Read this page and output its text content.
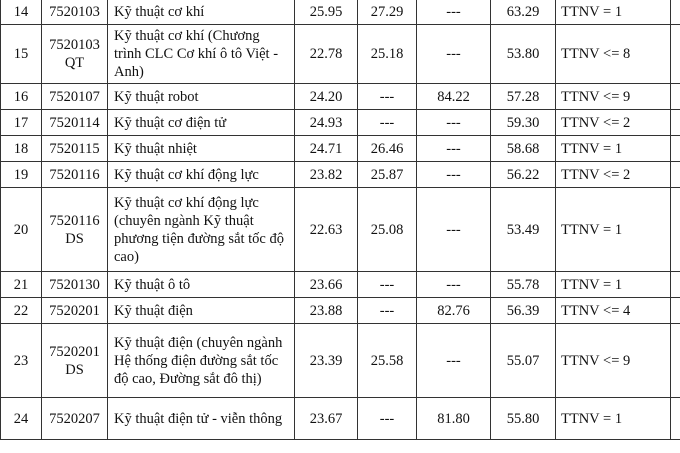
14	7520103	Kỹ thuật cơ khí	25.95	27.29	---	63.29	TTNV = 1	
15	7520103 QT	Kỹ thuật cơ khí (Chương trình CLC Cơ khí ô tô Việt - Anh)	22.78	25.18	---	53.80	TTNV <= 8	
16	7520107	Kỹ thuật robot	24.20	---	84.22	57.28	TTNV <= 9	
17	7520114	Kỹ thuật cơ điện tử	24.93	---	---	59.30	TTNV <= 2	
18	7520115	Kỹ thuật nhiệt	24.71	26.46	---	58.68	TTNV = 1	
19	7520116	Kỹ thuật cơ khí động lực	23.82	25.87	---	56.22	TTNV <= 2	
20	7520116 DS	Kỹ thuật cơ khí động lực (chuyên ngành Kỹ thuật phương tiện đường sắt tốc độ cao)	22.63	25.08	---	53.49	TTNV = 1	
21	7520130	Kỹ thuật ô tô	23.66	---	---	55.78	TTNV = 1	
22	7520201	Kỹ thuật điện	23.88	---	82.76	56.39	TTNV <= 4	
23	7520201 DS	Kỹ thuật điện (chuyên ngành Hệ thống điện đường sắt tốc độ cao, Đường sắt đô thị)	23.39	25.58	---	55.07	TTNV <= 9	
24	7520207	Kỹ thuật điện tử - viễn thông	23.67	---	81.80	55.80	TTNV = 1	
